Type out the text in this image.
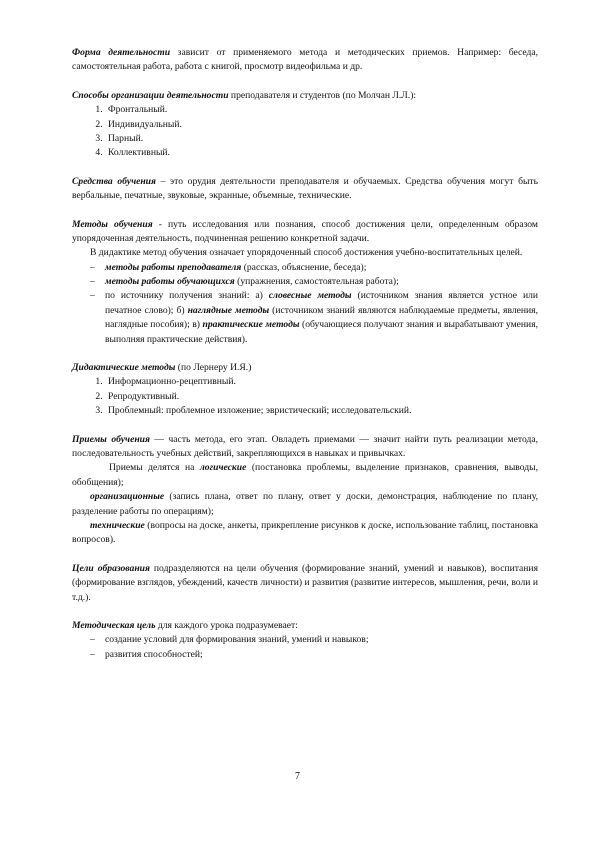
Форма деятельности зависит от применяемого метода и методических приемов. Например: беседа, самостоятельная работа, работа с книгой, просмотр видеофильма и др.

Способы организации деятельности преподавателя и студентов (по Молчан Л.Л.):

1. Фронтальный.
2. Индивидуальный.
3. Парный.
4. Коллективный.

Средства обучения – это орудия деятельности преподавателя и обучаемых. Средства обучения могут быть вербальные, печатные, звуковые, экранные, объемные, технические.

Методы обучения - путь исследования или познания, способ достижения цели, определенным образом упорядоченная деятельность, подчиненная решению конкретной задачи.

В дидактике метод обучения означает упорядоченный способ достижения учебно-воспитательных целей.

– методы работы преподавателя (рассказ, объяснение, беседа);
– методы работы обучающихся (упражнения, самостоятельная работа);
– по источнику получения знаний: а) словесные методы (источником знания является устное или печатное слово); б) наглядные методы (источником знаний являются наблюдаемые предметы, явления, наглядные пособия); в) практические методы (обучающиеся получают знания и вырабатывают умения, выполняя практические действия).

Дидактические методы (по Лернеру И.Я.)

1. Информационно-рецептивный.
2. Репродуктивный.
3. Проблемный: проблемное изложение; эвристический; исследовательский.

Приемы обучения — часть метода, его этап. Овладеть приемами — значит найти путь реализации метода, последовательность учебных действий, закрепляющихся в навыках и привычках.

Приемы делятся на логические (постановка проблемы, выделение признаков, сравнения, выводы, обобщения);

организационные (запись плана, ответ по плану, ответ у доски, демонстрация, наблюдение по плану, разделение работы по операциям);

технические (вопросы на доске, анкеты, прикрепление рисунков к доске, использование таблиц, постановка вопросов).

Цели образования подразделяются на цели обучения (формирование знаний, умений и навыков), воспитания (формирование взглядов, убеждений, качеств личности) и развития (развитие интересов, мышления, речи, воли и т.д.).

Методическая цель для каждого урока подразумевает:

– создание условий для формирования знаний, умений и навыков;
– развития способностей;
7
